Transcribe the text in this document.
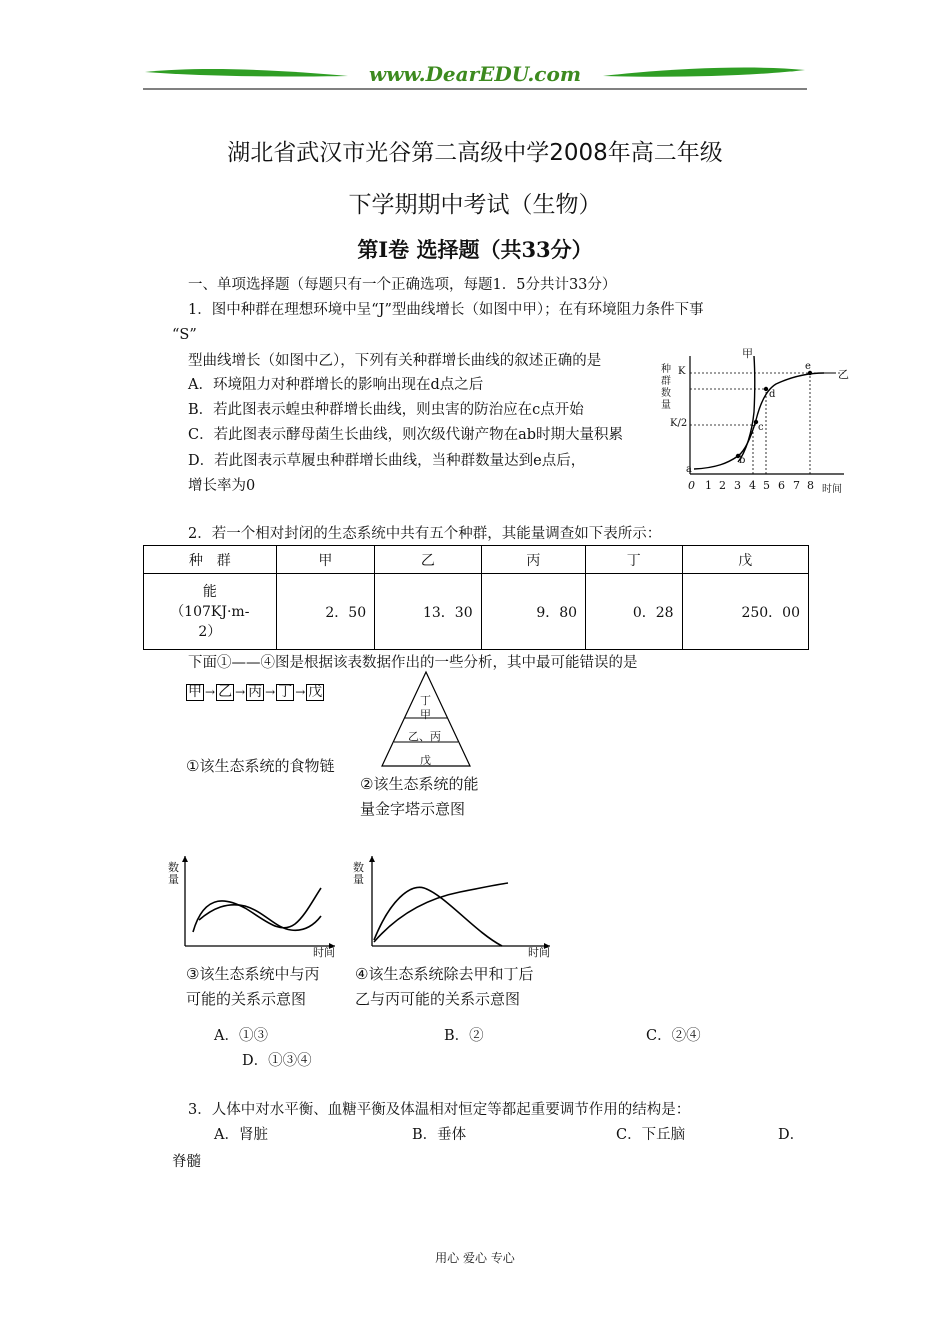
www.DearEDU.com
湖北省武汉市光谷第二高级中学2008年高二年级
下学期期中考试（生物）
第Ⅰ卷 选择题（共33分）
一、单项选择题（每题只有一个正确选项，每题1．5分共计33分）
1．图中种群在理想环境中呈“J”型曲线增长（如图中甲）；在有环境阻力条件下事
“S”
型曲线增长（如图中乙），下列有关种群增长曲线的叙述正确的是
A．环境阻力对种群增长的影响出现在d点之后
B．若此图表示蝗虫种群增长曲线，则虫害的防治应在c点开始
C．若此图表示酵母菌生长曲线，则次级代谢产物在ab时期大量积累
D．若此图表示草履虫种群增长曲线，当种群数量达到e点后，
增长率为0
甲
乙
种群数量
K
K/2
a
b
c
d
e
0 1 2 3 4 5 6 7 8 时间
2．若一个相对封闭的生态系统中共有五个种群，其能量调查如下表所示：
种　群	甲	乙	丙	丁	戊

能
（107KJ·m-
2）	2．50	13．30	9．80	0．28	250．00
下面①——④图是根据该表数据作出的一些分析，其中最可能错误的是
甲 → 乙 → 丙 → 丁 → 戊
丁
甲
乙、丙
戊
①该生态系统的食物链
②该生态系统的能
量金字塔示意图
数量
时间
数量
时间
③该生态系统中与丙
可能的关系示意图
④该生态系统除去甲和丁后
乙与丙可能的关系示意图
A．①③	B．②	C．②④
D．①③④
3．人体中对水平衡、血糖平衡及体温相对恒定等都起重要调节作用的结构是：
A．肾脏	B．垂体	C．下丘脑	D．
脊髓
用心 爱心 专心
